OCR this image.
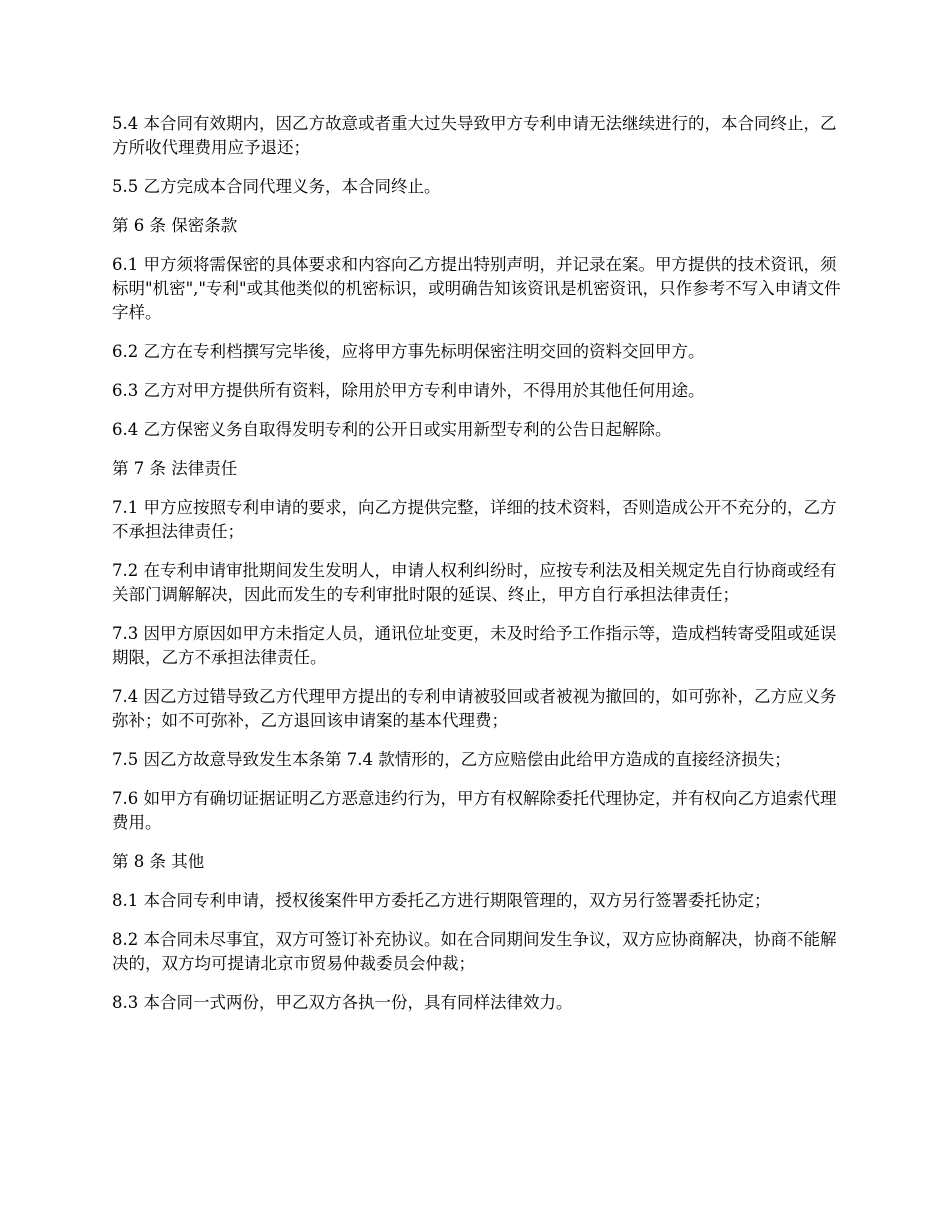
5.4 本合同有效期内，因乙方故意或者重大过失导致甲方专利申请无法继续进行的，本合同终止，乙方所收代理费用应予退还；

5.5 乙方完成本合同代理义务，本合同终止。

第 6 条 保密条款

6.1 甲方须将需保密的具体要求和内容向乙方提出特别声明，并记录在案。甲方提供的技术资讯，须标明"机密","专利"或其他类似的机密标识，或明确告知该资讯是机密资讯，只作参考不写入申请文件字样。

6.2 乙方在专利档撰写完毕後，应将甲方事先标明保密注明交回的资料交回甲方。

6.3 乙方对甲方提供所有资料，除用於甲方专利申请外，不得用於其他任何用途。

6.4 乙方保密义务自取得发明专利的公开日或实用新型专利的公告日起解除。

第 7 条 法律责任

7.1 甲方应按照专利申请的要求，向乙方提供完整，详细的技术资料，否则造成公开不充分的，乙方不承担法律责任；

7.2 在专利申请审批期间发生发明人，申请人权利纠纷时，应按专利法及相关规定先自行协商或经有关部门调解解决，因此而发生的专利审批时限的延误、终止，甲方自行承担法律责任；

7.3 因甲方原因如甲方未指定人员，通讯位址变更，未及时给予工作指示等，造成档转寄受阻或延误期限，乙方不承担法律责任。

7.4 因乙方过错导致乙方代理甲方提出的专利申请被驳回或者被视为撤回的，如可弥补，乙方应义务弥补；如不可弥补，乙方退回该申请案的基本代理费；

7.5 因乙方故意导致发生本条第 7.4 款情形的，乙方应赔偿由此给甲方造成的直接经济损失；

7.6 如甲方有确切证据证明乙方恶意违约行为，甲方有权解除委托代理协定，并有权向乙方追索代理费用。

第 8 条 其他

8.1 本合同专利申请，授权後案件甲方委托乙方进行期限管理的，双方另行签署委托协定；

8.2 本合同未尽事宜，双方可签订补充协议。如在合同期间发生争议，双方应协商解决，协商不能解决的，双方均可提请北京市贸易仲裁委员会仲裁；

8.3 本合同一式两份，甲乙双方各执一份，具有同样法律效力。
